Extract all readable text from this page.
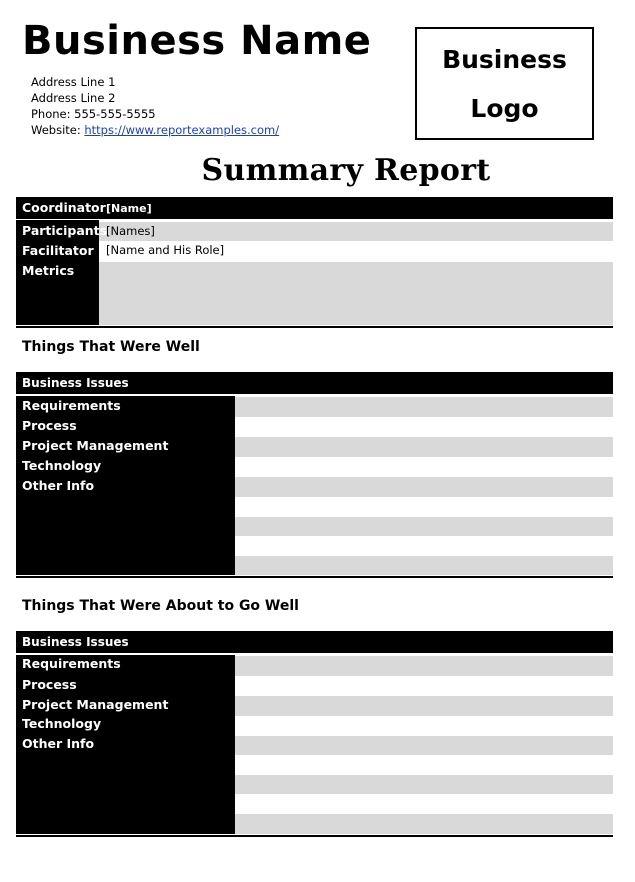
Business Name
Address Line 1
Address Line 2
Phone: 555-555-5555
Website: https://www.reportexamples.com/
Business
Logo
Summary Report
Coordinator [Name]
Participants
[Names]
Facilitator [Name and His Role]
Metrics
Things That Were Well
Business Issues
Requirements
Process
Project Management
Technology
Other Info
Things That Were About to Go Well
Business Issues
Requirements
Process
Project Management
Technology
Other Info
